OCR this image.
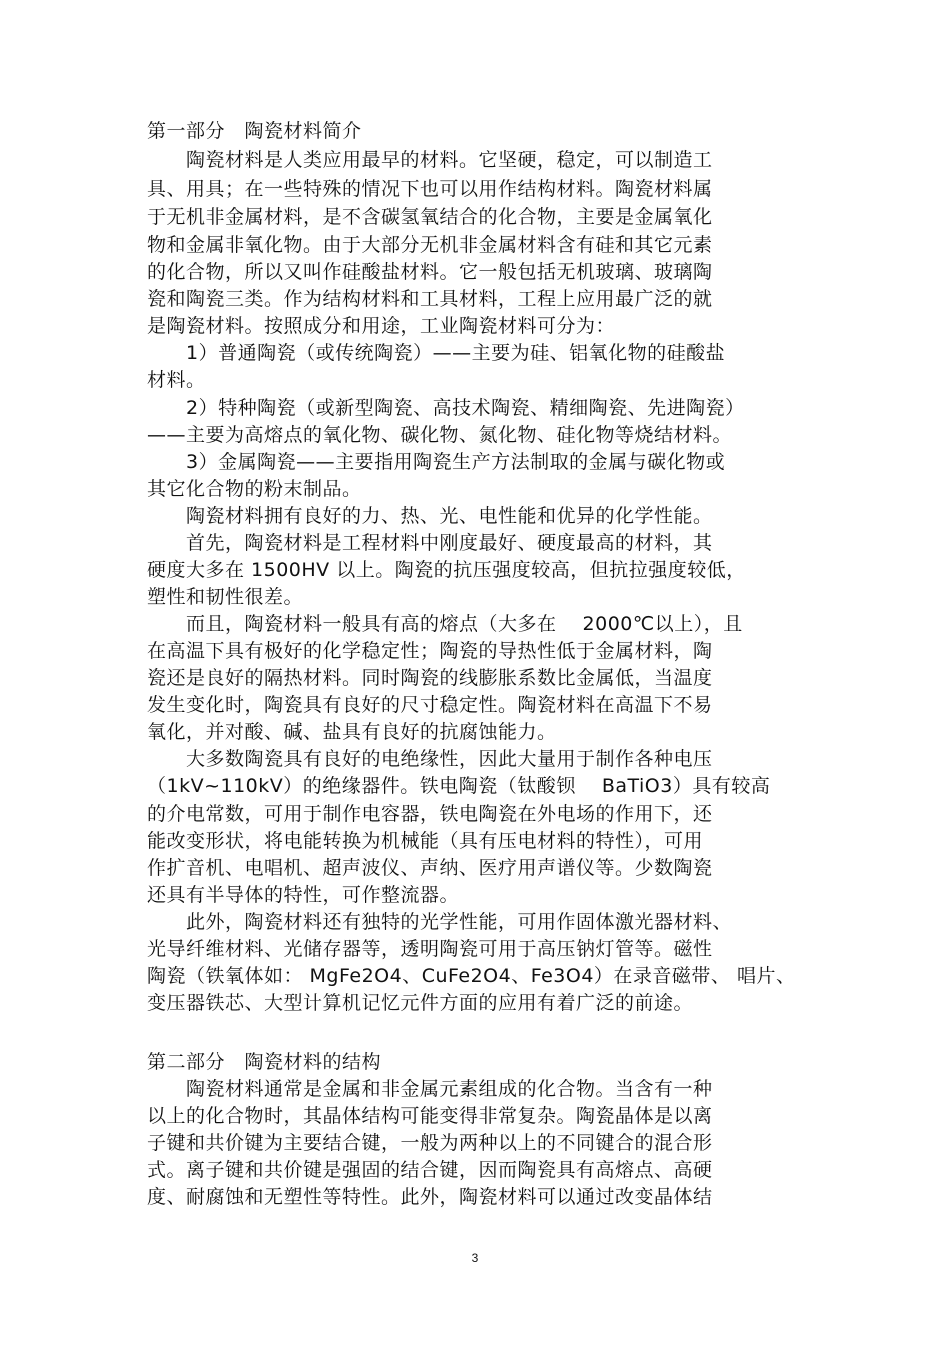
第一部分　陶瓷材料简介
　　陶瓷材料是人类应用最早的材料。它坚硬，稳定，可以制造工
具、用具；在一些特殊的情况下也可以用作结构材料。陶瓷材料属
于无机非金属材料，是不含碳氢氧结合的化合物，主要是金属氧化
物和金属非氧化物。由于大部分无机非金属材料含有硅和其它元素
的化合物，所以又叫作硅酸盐材料。它一般包括无机玻璃、玻璃陶
瓷和陶瓷三类。作为结构材料和工具材料，工程上应用最广泛的就
是陶瓷材料。按照成分和用途，工业陶瓷材料可分为：
　　1）普通陶瓷（或传统陶瓷）——主要为硅、铝氧化物的硅酸盐
材料。
　　2）特种陶瓷（或新型陶瓷、高技术陶瓷、精细陶瓷、先进陶瓷）
——主要为高熔点的氧化物、碳化物、氮化物、硅化物等烧结材料。
　　3）金属陶瓷——主要指用陶瓷生产方法制取的金属与碳化物或
其它化合物的粉末制品。
　　陶瓷材料拥有良好的力、热、光、电性能和优异的化学性能。
　　首先，陶瓷材料是工程材料中刚度最好、硬度最高的材料，其
硬度大多在 1500HV 以上。陶瓷的抗压强度较高，但抗拉强度较低，
塑性和韧性很差。
　　而且，陶瓷材料一般具有高的熔点（大多在　 2000℃以上），且
在高温下具有极好的化学稳定性；陶瓷的导热性低于金属材料，陶
瓷还是良好的隔热材料。同时陶瓷的线膨胀系数比金属低，当温度
发生变化时，陶瓷具有良好的尺寸稳定性。陶瓷材料在高温下不易
氧化，并对酸、碱、盐具有良好的抗腐蚀能力。
　　大多数陶瓷具有良好的电绝缘性，因此大量用于制作各种电压
（1kV~110kV）的绝缘器件。铁电陶瓷（钛酸钡　 BaTiO3）具有较高
的介电常数，可用于制作电容器，铁电陶瓷在外电场的作用下，还
能改变形状，将电能转换为机械能（具有压电材料的特性），可用
作扩音机、电唱机、超声波仪、声纳、医疗用声谱仪等。少数陶瓷
还具有半导体的特性，可作整流器。
　　此外，陶瓷材料还有独特的光学性能，可用作固体激光器材料、
光导纤维材料、光储存器等，透明陶瓷可用于高压钠灯管等。磁性
陶瓷（铁氧体如： MgFe2O4、CuFe2O4、Fe3O4）在录音磁带、 唱片、
变压器铁芯、大型计算机记忆元件方面的应用有着广泛的前途。
第二部分　陶瓷材料的结构
　　陶瓷材料通常是金属和非金属元素组成的化合物。当含有一种
以上的化合物时，其晶体结构可能变得非常复杂。陶瓷晶体是以离
子键和共价键为主要结合键，一般为两种以上的不同键合的混合形
式。离子键和共价键是强固的结合键，因而陶瓷具有高熔点、高硬
度、耐腐蚀和无塑性等特性。此外，陶瓷材料可以通过改变晶体结
3
